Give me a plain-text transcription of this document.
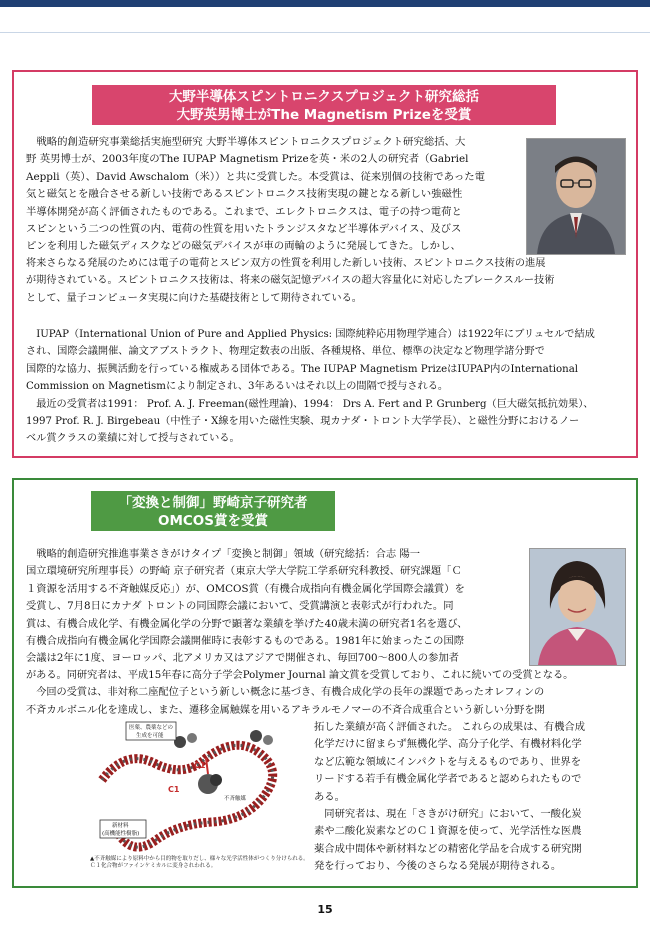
大野半導体スピントロニクスプロジェクト研究総括
大野英男博士がThe Magnetism Prizeを受賞

戦略的創造研究事業総括実施型研究 大野半導体スピントロニクスプロジェクト研究総括、大

野 英男博士が、2003年度のThe IUPAP Magnetism Prizeを英・米の2人の研究者（Gabriel

Aeppli（英）、David Awschalom（米））と共に受賞した。本受賞は、従来別個の技術であった電

気と磁気とを融合させる新しい技術であるスピントロニクス技術実現の鍵となる新しい強磁性

半導体開発が高く評価されたものである。これまで、エレクトロニクスは、電子の持つ電荷と

スピンという二つの性質の内、電荷の性質を用いたトランジスタなど半導体デバイス、及びス

ピンを利用した磁気ディスクなどの磁気デバイスが車の両輪のように発展してきた。しかし、

将来さらなる発展のためには電子の電荷とスピン双方の性質を利用した新しい技術、スピントロニクス技術の進展

が期待されている。スピントロニクス技術は、将来の磁気記憶デバイスの超大容量化に対応したブレークスルー技術

として、量子コンピュータ実現に向けた基礎技術として期待されている。

IUPAP（International Union of Pure and Applied Physics: 国際純粋応用物理学連合）は1922年にブリュセルで結成

され、国際会議開催、論文アブストラクト、物理定数表の出版、各種規格、単位、標準の決定など物理学諸分野で

国際的な協力、振興活動を行っている権威ある団体である。The IUPAP Magnetism PrizeはIUPAP内のInternational

Commission on Magnetismにより制定され、3年あるいはそれ以上の間隔で授与される。

最近の受賞者は1991： Prof. A. J. Freeman(磁性理論)、1994： Drs A. Fert and P. Grunberg（巨大磁気抵抗効果）、

1997 Prof. R. J. Birgebeau（中性子・X線を用いた磁性実験、現カナダ・トロント大学学長）、と磁性分野におけるノー

ベル賞クラスの業績に対して授与されている。

「変換と制御」野崎京子研究者
OMCOS賞を受賞

戦略的創造研究推進事業さきがけタイプ「変換と制御」領域（研究総括：合志 陽一

国立環境研究所理事長）の野崎 京子研究者（東京大学大学院工学系研究科教授、研究課題「Ｃ

１資源を活用する不斉触媒反応」）が、OMCOS賞（有機合成指向有機金属化学国際会議賞）を

受賞し、7月8日にカナダ トロントの同国際会議において、受賞講演と表彰式が行われた。同

賞は、有機合成化学、有機金属化学の分野で顕著な業績を挙げた40歳未満の研究者1名を選び、

有機合成指向有機金属化学国際会議開催時に表彰するものである。1981年に始まったこの国際

会議は2年に1度、ヨーロッパ、北アメリカ又はアジアで開催され、毎回700～800人の参加者

がある。同研究者は、平成15年春に高分子学会Polymer Journal 論文賞を受賞しており、これに続いての受賞となる。

今回の受賞は、非対称二座配位子という新しい概念に基づき、有機合成化学の長年の課題であったオレフィンの

不斉カルボニル化を達成し、また、遷移金属触媒を用いるアキラルモノマーの不斉合成重合という新しい分野を開

医薬、農薬などの
生成を可能
C1
C1
不斉触媒
新材料
(高機能性樹脂)
▲不斉触媒により原料中から目的物を取りだし、様々な光学活性体がつくり分けられる。Ｃ１化合物がファインケミカルに変身されわれる。

拓した業績が高く評価された。 これらの成果は、有機合成

化学だけに留まらず無機化学、高分子化学、有機材料化学

など広範な領域にインパクトを与えるものであり、世界を

リードする若手有機金属化学者であると認められたもので

ある。

同研究者は、現在「さきがけ研究」において、一酸化炭

素や二酸化炭素などのＣ１資源を使って、光学活性な医農

薬合成中間体や新材料などの精密化学品を合成する研究開

発を行っており、今後のさらなる発展が期待される。

15
